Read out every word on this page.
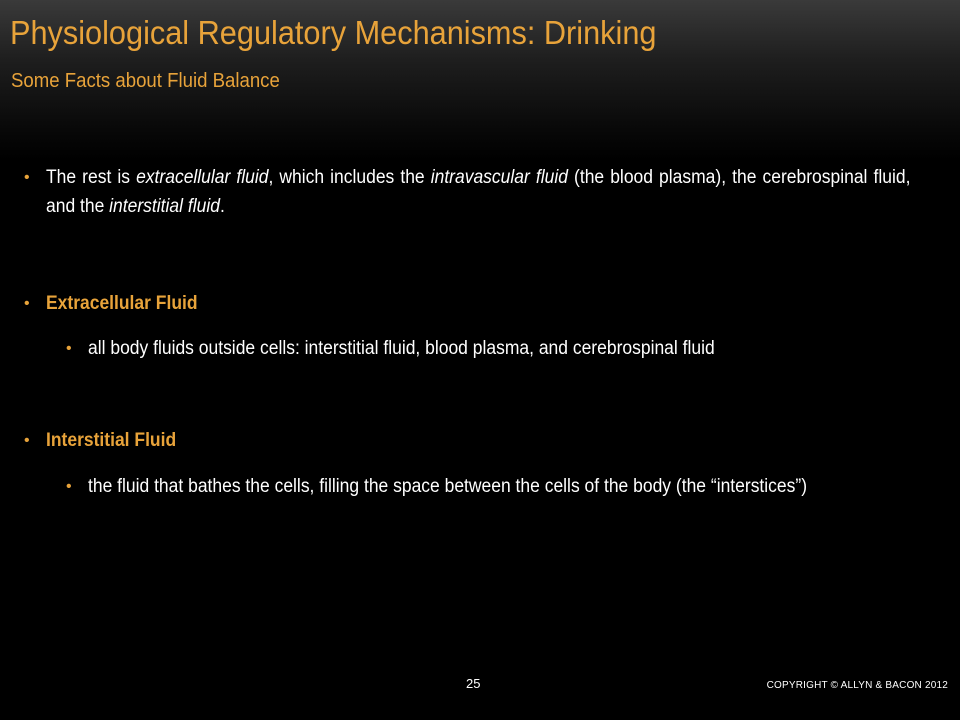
Physiological Regulatory Mechanisms: Drinking
Some Facts about Fluid Balance
• The rest is extracellular fluid, which includes the intravascular fluid (the blood plasma), the cerebrospinal fluid, and the interstitial fluid.
• Extracellular Fluid
• all body fluids outside cells: interstitial fluid, blood plasma, and cerebrospinal fluid
• Interstitial Fluid
• the fluid that bathes the cells, filling the space between the cells of the body (the “interstices”)
25	COPYRIGHT © ALLYN & BACON 2012
